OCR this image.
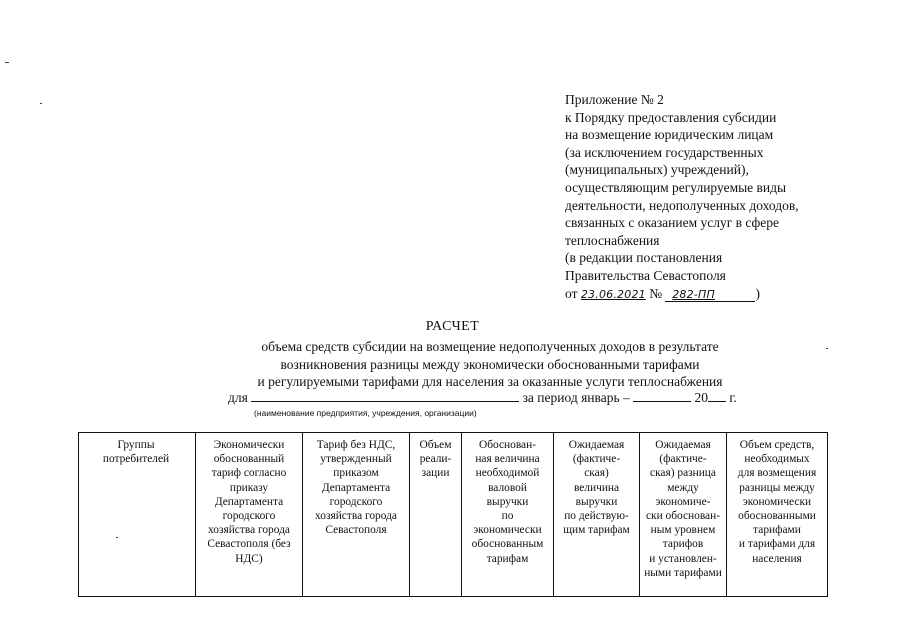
Приложение № 2
к Порядку предоставления субсидии
на возмещение юридическим лицам
(за исключением государственных
(муниципальных) учреждений),
осуществляющим регулируемые виды
деятельности, недополученных доходов,
связанных с оказанием услуг в сфере
теплоснабжения
(в редакции постановления
Правительства Севастополя
от 23.06.2021 № 282-ПП	)
РАСЧЕТ
объема средств субсидии на возмещение недополученных доходов в результате
возникновения разницы между экономически обоснованными тарифами
и регулируемыми тарифами для населения за оказанные услуги теплоснабжения
для	за период январь –	20 г.
(наименование предприятия, учреждения, организации)
Группы
потребителей	Экономически
обоснованный
тариф согласно
приказу
Департамента
городского
хозяйства города
Севастополя (без
НДС)	Тариф без НДС,
утвержденный
приказом
Департамента
городского
хозяйства города
Севастополя	Объем
реали-
зации	Обоснован-
ная величина
необходимой
валовой
выручки
по
экономически
обоснованным
тарифам	Ожидаемая
(фактиче-
ская)
величина
выручки
по действую-
щим тарифам	Ожидаемая
(фактиче-
ская) разница
между
экономиче-
ски обоснован-
ным уровнем
тарифов
и установлен-
ными тарифами	Объем средств,
необходимых
для возмещения
разницы между
экономически
обоснованными
тарифами
и тарифами для
населения
